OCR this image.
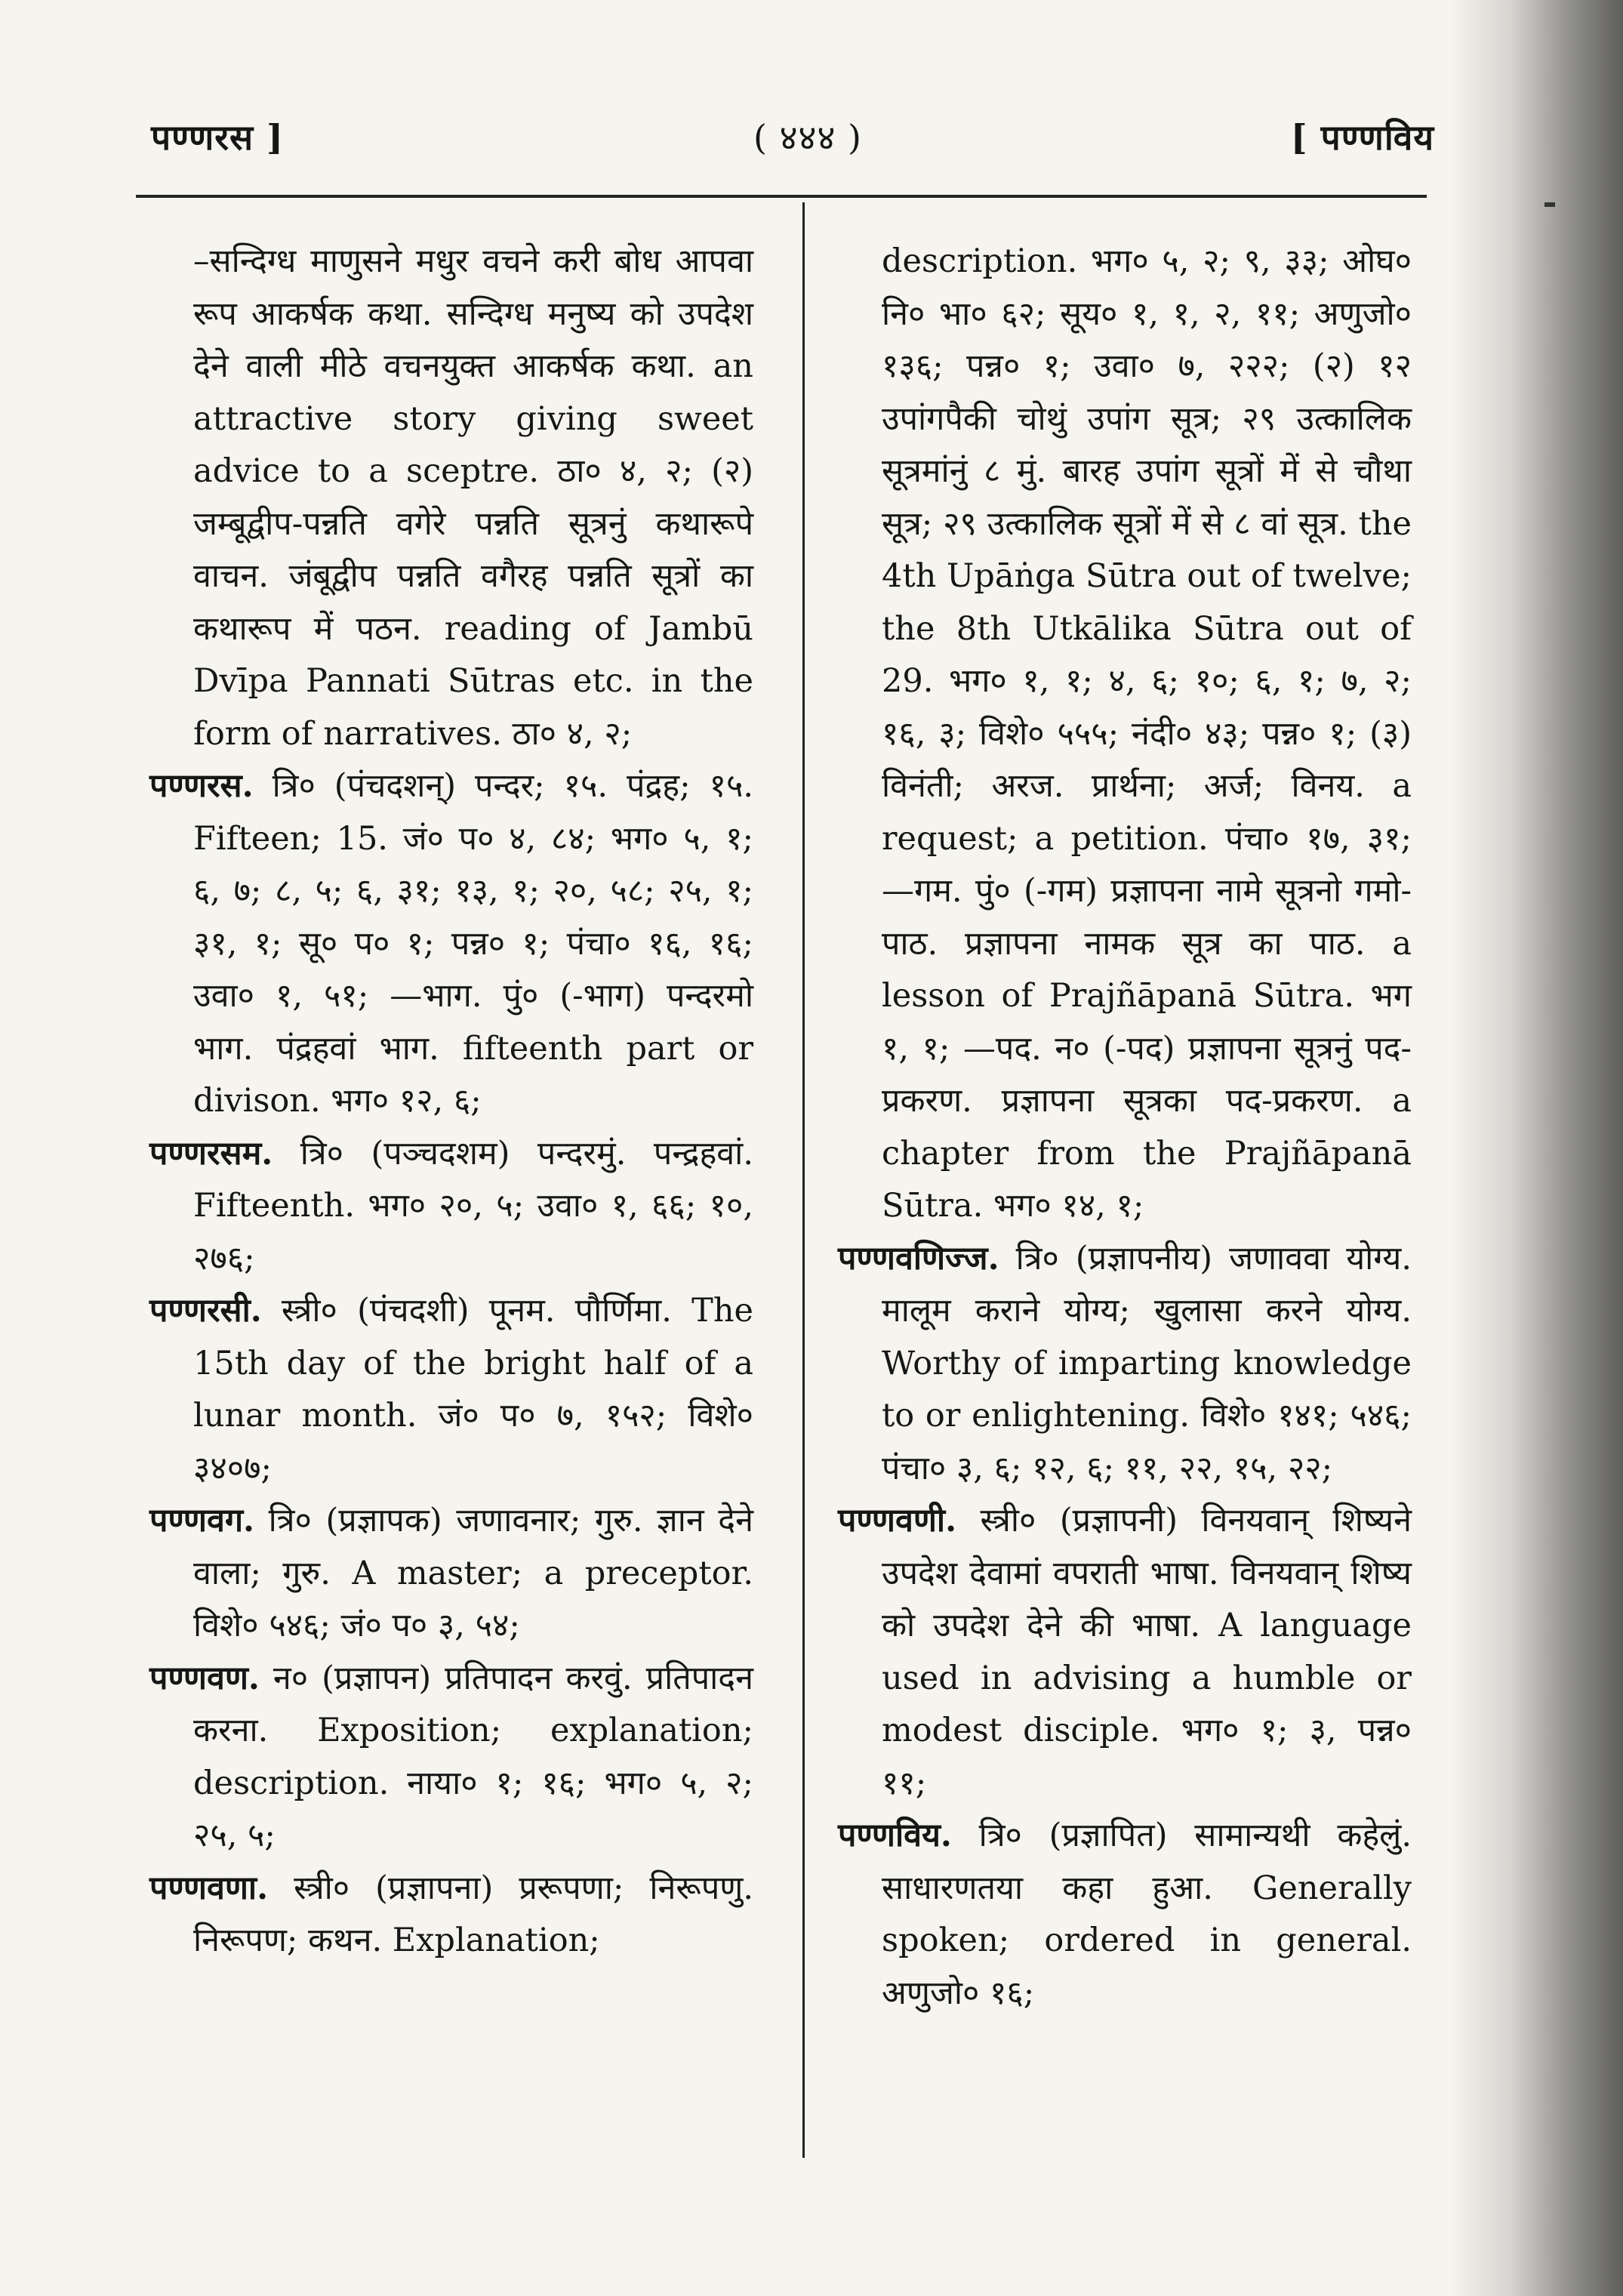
पण्णरस ]	( ४४४ )	[ पण्णविय

–सन्दिग्ध माणुसने मधुर वचने करी बोध आपवा रूप आकर्षक कथा. सन्दिग्ध मनुष्य को उपदेश देने वाली मीठे वचनयुक्त आकर्षक कथा. an attractive story giving sweet advice to a sceptre. ठा० ४, २; (२) जम्बूद्वीप-पन्नति वगेरे पन्नति सूत्रनुं कथारूपे वाचन. जंबूद्वीप पन्नति वगैरह पन्नति सूत्रों का कथारूप में पठन. reading of Jambū Dvīpa Pannati Sūtras etc. in the form of narratives. ठा० ४, २;

पण्णरस. त्रि० (पंचदशन्) पन्दर; १५. पंद्रह; १५. Fifteen; 15. जं० प० ४, ८४; भग० ५, १; ६, ७; ८, ५; ६, ३१; १३, १; २०, ५८; २५, १; ३१, १; सू० प० १; पन्न० १; पंचा० १६, १६; उवा० १, ५१; —भाग. पुं० (-भाग) पन्दरमो भाग. पंद्रहवां भाग. fifteenth part or divison. भग० १२, ६;

पण्णरसम. त्रि० (पञ्चदशम) पन्दरमुं. पन्द्रहवां. Fifteenth. भग० २०, ५; उवा० १, ६६; १०, २७६;

पण्णरसी. स्त्री० (पंचदशी) पूनम. पौर्णिमा. The 15th day of the bright half of a lunar month. जं० प० ७, १५२; विशे० ३४०७;

पण्णवग. त्रि० (प्रज्ञापक) जणावनार; गुरु. ज्ञान देने वाला; गुरु. A master; a preceptor. विशे० ५४६; जं० प० ३, ५४;

पण्णवण. न० (प्रज्ञापन) प्रतिपादन करवुं. प्रतिपादन करना. Exposition; explanation; description. नाया० १; १६; भग० ५, २; २५, ५;

पण्णवणा. स्त्री० (प्रज्ञापना) प्ररूपणा; निरूपणु. निरूपण; कथन. Explanation;

description. भग० ५, २; ९, ३३; ओघ० नि० भा० ६२; सूय० १, १, २, ११; अणुजो० १३६; पन्न० १; उवा० ७, २२२; (२) १२ उपांगपैकी चोथुं उपांग सूत्र; २९ उत्कालिक सूत्रमांनुं ८ मुं. बारह उपांग सूत्रों में से चौथा सूत्र; २९ उत्कालिक सूत्रों में से ८ वां सूत्र. the 4th Upāṅga Sūtra out of twelve; the 8th Utkālika Sūtra out of 29. भग० १, १; ४, ६; १०; ६, १; ७, २; १६, ३; विशे० ५५५; नंदी० ४३; पन्न० १; (३) विनंती; अरज. प्रार्थना; अर्ज; विनय. a request; a petition. पंचा० १७, ३१; —गम. पुं० (-गम) प्रज्ञापना नामे सूत्रनो गमो-पाठ. प्रज्ञापना नामक सूत्र का पाठ. a lesson of Prajñāpanā Sūtra. भग १, १; —पद. न० (-पद) प्रज्ञापना सूत्रनुं पद-प्रकरण. प्रज्ञापना सूत्रका पद-प्रकरण. a chapter from the Prajñāpanā Sūtra. भग० १४, १;

पण्णवणिज्ज. त्रि० (प्रज्ञापनीय) जणाववा योग्य. मालूम कराने योग्य; खुलासा करने योग्य. Worthy of imparting knowledge to or enlightening. विशे० १४१; ५४६; पंचा० ३, ६; १२, ६; ११, २२, १५, २२;

पण्णवणी. स्त्री० (प्रज्ञापनी) विनयवान् शिष्यने उपदेश देवामां वपराती भाषा. विनयवान् शिष्य को उपदेश देने की भाषा. A language used in advising a humble or modest disciple. भग० १; ३, पन्न० ११;

पण्णविय. त्रि० (प्रज्ञापित) सामान्यथी कहेलुं. साधारणतया कहा हुआ. Generally spoken; ordered in general. अणुजो० १६;
